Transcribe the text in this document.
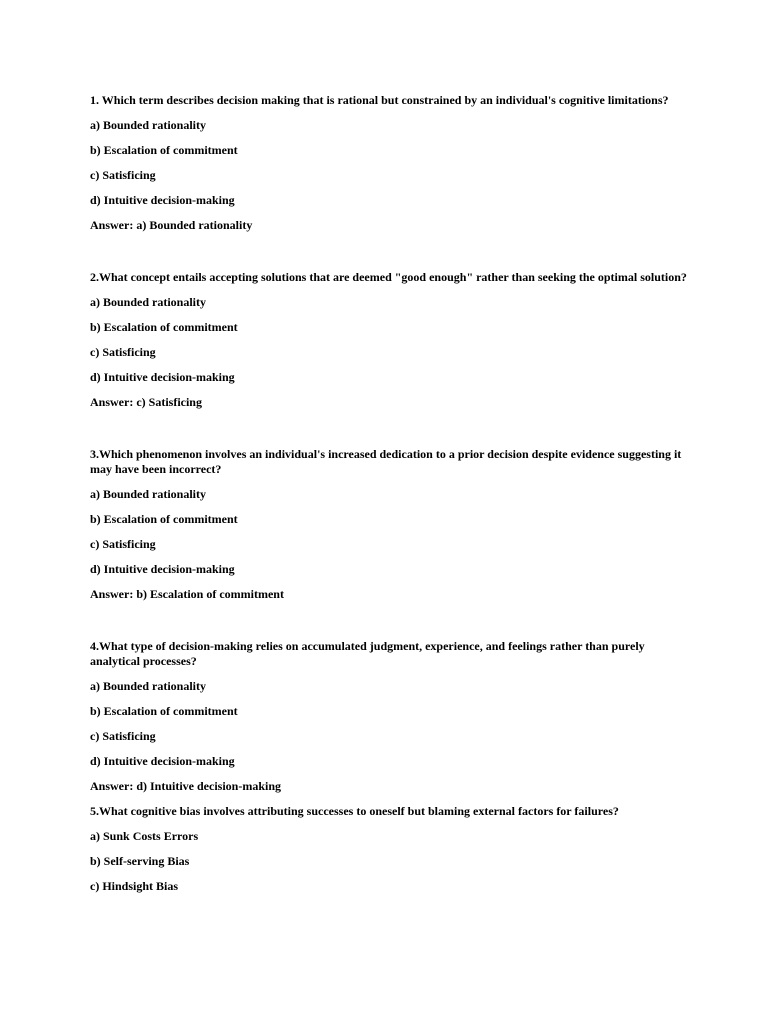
1. Which term describes decision making that is rational but constrained by an individual's cognitive limitations?

a) Bounded rationality

b) Escalation of commitment

c) Satisficing

d) Intuitive decision-making

Answer: a) Bounded rationality

2.What concept entails accepting solutions that are deemed "good enough" rather than seeking the optimal solution?

a) Bounded rationality

b) Escalation of commitment

c) Satisficing

d) Intuitive decision-making

Answer: c) Satisficing

3.Which phenomenon involves an individual's increased dedication to a prior decision despite evidence suggesting it may have been incorrect?

a) Bounded rationality

b) Escalation of commitment

c) Satisficing

d) Intuitive decision-making

Answer: b) Escalation of commitment

4.What type of decision-making relies on accumulated judgment, experience, and feelings rather than purely analytical processes?

a) Bounded rationality

b) Escalation of commitment

c) Satisficing

d) Intuitive decision-making

Answer: d) Intuitive decision-making

5.What cognitive bias involves attributing successes to oneself but blaming external factors for failures?

a) Sunk Costs Errors

b) Self-serving Bias

c) Hindsight Bias
